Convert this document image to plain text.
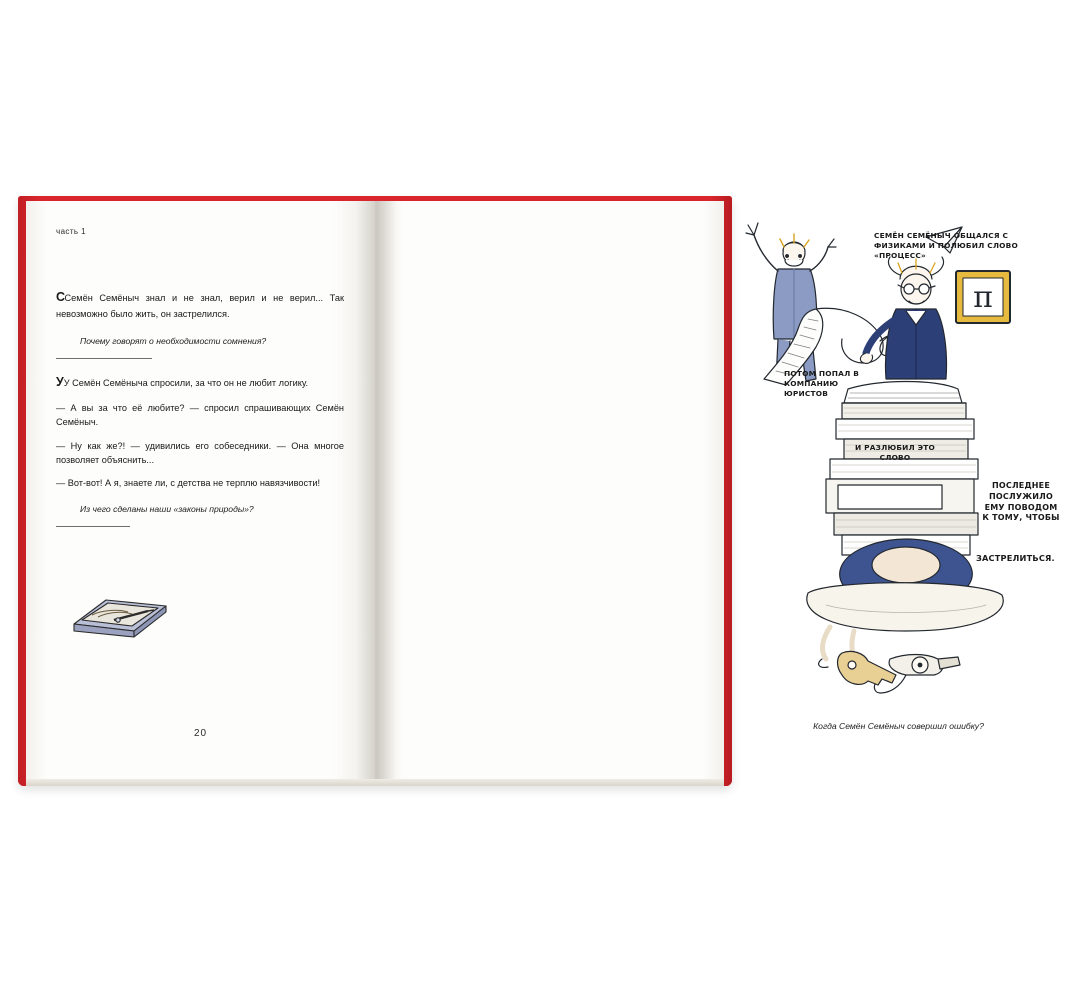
часть 1

ССемён Семёныч знал и не знал, верил и не верил... Так невозможно было жить, он застрелился.

Почему говорят о необходимости сомнения?

УУ Семён Семёныча спросили, за что он не любит логику.

— А вы за что её любите? — спросил спрашивающих Семён Семёныч.

— Ну как же?! — удивились его собеседники. — Она многое позволяет объяснить...

— Вот-вот! А я, знаете ли, с детства не терплю навязчивости!

Из чего сделаны наши «законы природы»?
20
π
СЕМЁН СЕМЁНЫЧ ОБЩАЛСЯ С ФИЗИКАМИ И ПОЛЮБИЛ СЛОВО «ПРОЦЕСС»
ПОТОМ ПОПАЛ В КОМПАНИЮ ЮРИСТОВ
И РАЗЛЮБИЛ ЭТО СЛОВО
ПОСЛЕДНЕЕ ПОСЛУЖИЛО ЕМУ ПОВОДОМ К ТОМУ, ЧТОБЫ
ЗАСТРЕЛИТЬСЯ.
Когда Семён Семёныч совершил ошибку?
